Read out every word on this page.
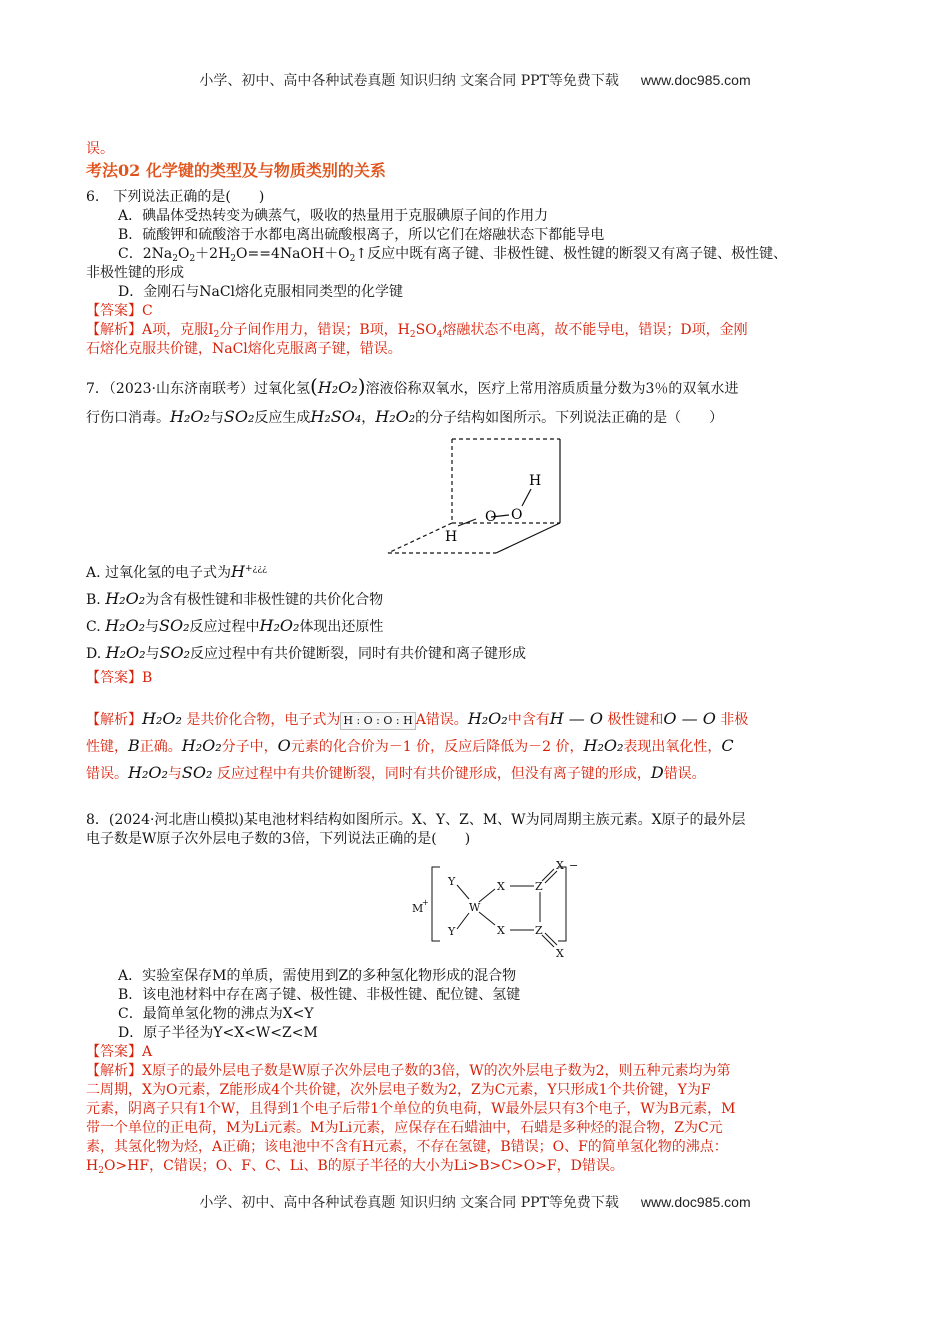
小学、初中、高中各种试卷真题 知识归纳 文案合同 PPT等免费下载 www.doc985.com

误。

考法02 化学键的类型及与物质类别的关系

6.　下列说法正确的是(　　)

A．碘晶体受热转变为碘蒸气，吸收的热量用于克服碘原子间的作用力

B．硫酸钾和硫酸溶于水都电离出硫酸根离子，所以它们在熔融状态下都能导电

C．$2Na_2O_2+2H_2O==4NaOH+O_2↑$反应中既有离子键、非极性键、极性键的断裂又有离子键、极性键、

非极性键的形成

D．金刚石与NaCl熔化克服相同类型的化学键

【答案】C

【解析】A项，克服$I_2$分子间作用力，错误；B项，$H_2SO_4$熔融状态不电离，故不能导电，错误；D项，金刚

石熔化克服共价键，NaCl熔化克服离子键，错误。

7．（2023·山东济南联考）过氧化氢(H₂O₂)溶液俗称双氧水，医疗上常用溶质质量分数为3％的双氧水进

行伤口消毒。H₂O₂与SO₂反应生成H₂SO₄，H₂O₂的分子结构如图所示。下列说法正确的是（　　）

O O
H
H

A. 过氧化氢的电子式为H+¿¿¿

B. H₂O₂为含有极性键和非极性键的共价化合物

C. H₂O₂与SO₂反应过程中H₂O₂体现出还原性

D. H₂O₂与SO₂反应过程中有共价键断裂，同时有共价键和离子键形成

【答案】B

【解析】H₂O₂ 是共价化合物，电子式为 H : O : O : H A错误。H₂O₂中含有H — O 极性键和O — O 非极

性键，B正确。H₂O₂分子中，O元素的化合价为－1 价，反应后降低为－2 价，H₂O₂表现出氧化性，C

错误。H₂O₂与SO₂ 反应过程中有共价键断裂，同时有共价键形成，但没有离子键的形成，D错误。

8．(2024·河北唐山模拟)某电池材料结构如图所示。X、Y、Z、M、W为同周期主族元素。X原子的最外层

电子数是W原子次外层电子数的3倍，下列说法正确的是(　　)

M
+
Y
Y
W
X
X
Z
Z
X
X
−

A．实验室保存M的单质，需使用到Z的多种氢化物形成的混合物

B．该电池材料中存在离子键、极性键、非极性键、配位键、氢键

C．最简单氢化物的沸点为X<Y

D．原子半径为Y<X<W<Z<M

【答案】A

【解析】X原子的最外层电子数是W原子次外层电子数的3倍，W的次外层电子数为2，则五种元素均为第

二周期，X为O元素，Z能形成4个共价键，次外层电子数为2，Z为C元素，Y只形成1个共价键，Y为F

元素，阴离子只有1个W，且得到1个电子后带1个单位的负电荷，W最外层只有3个电子，W为B元素，M

带一个单位的正电荷，M为Li元素。M为Li元素，应保存在石蜡油中，石蜡是多种烃的混合物，Z为C元

素，其氢化物为烃，A正确；该电池中不含有H元素，不存在氢键，B错误；O、F的简单氢化物的沸点：

$H_2O>HF$，C错误；O、F、C、Li、B的原子半径的大小为Li>B>C>O>F，D错误。

小学、初中、高中各种试卷真题 知识归纳 文案合同 PPT等免费下载 www.doc985.com
